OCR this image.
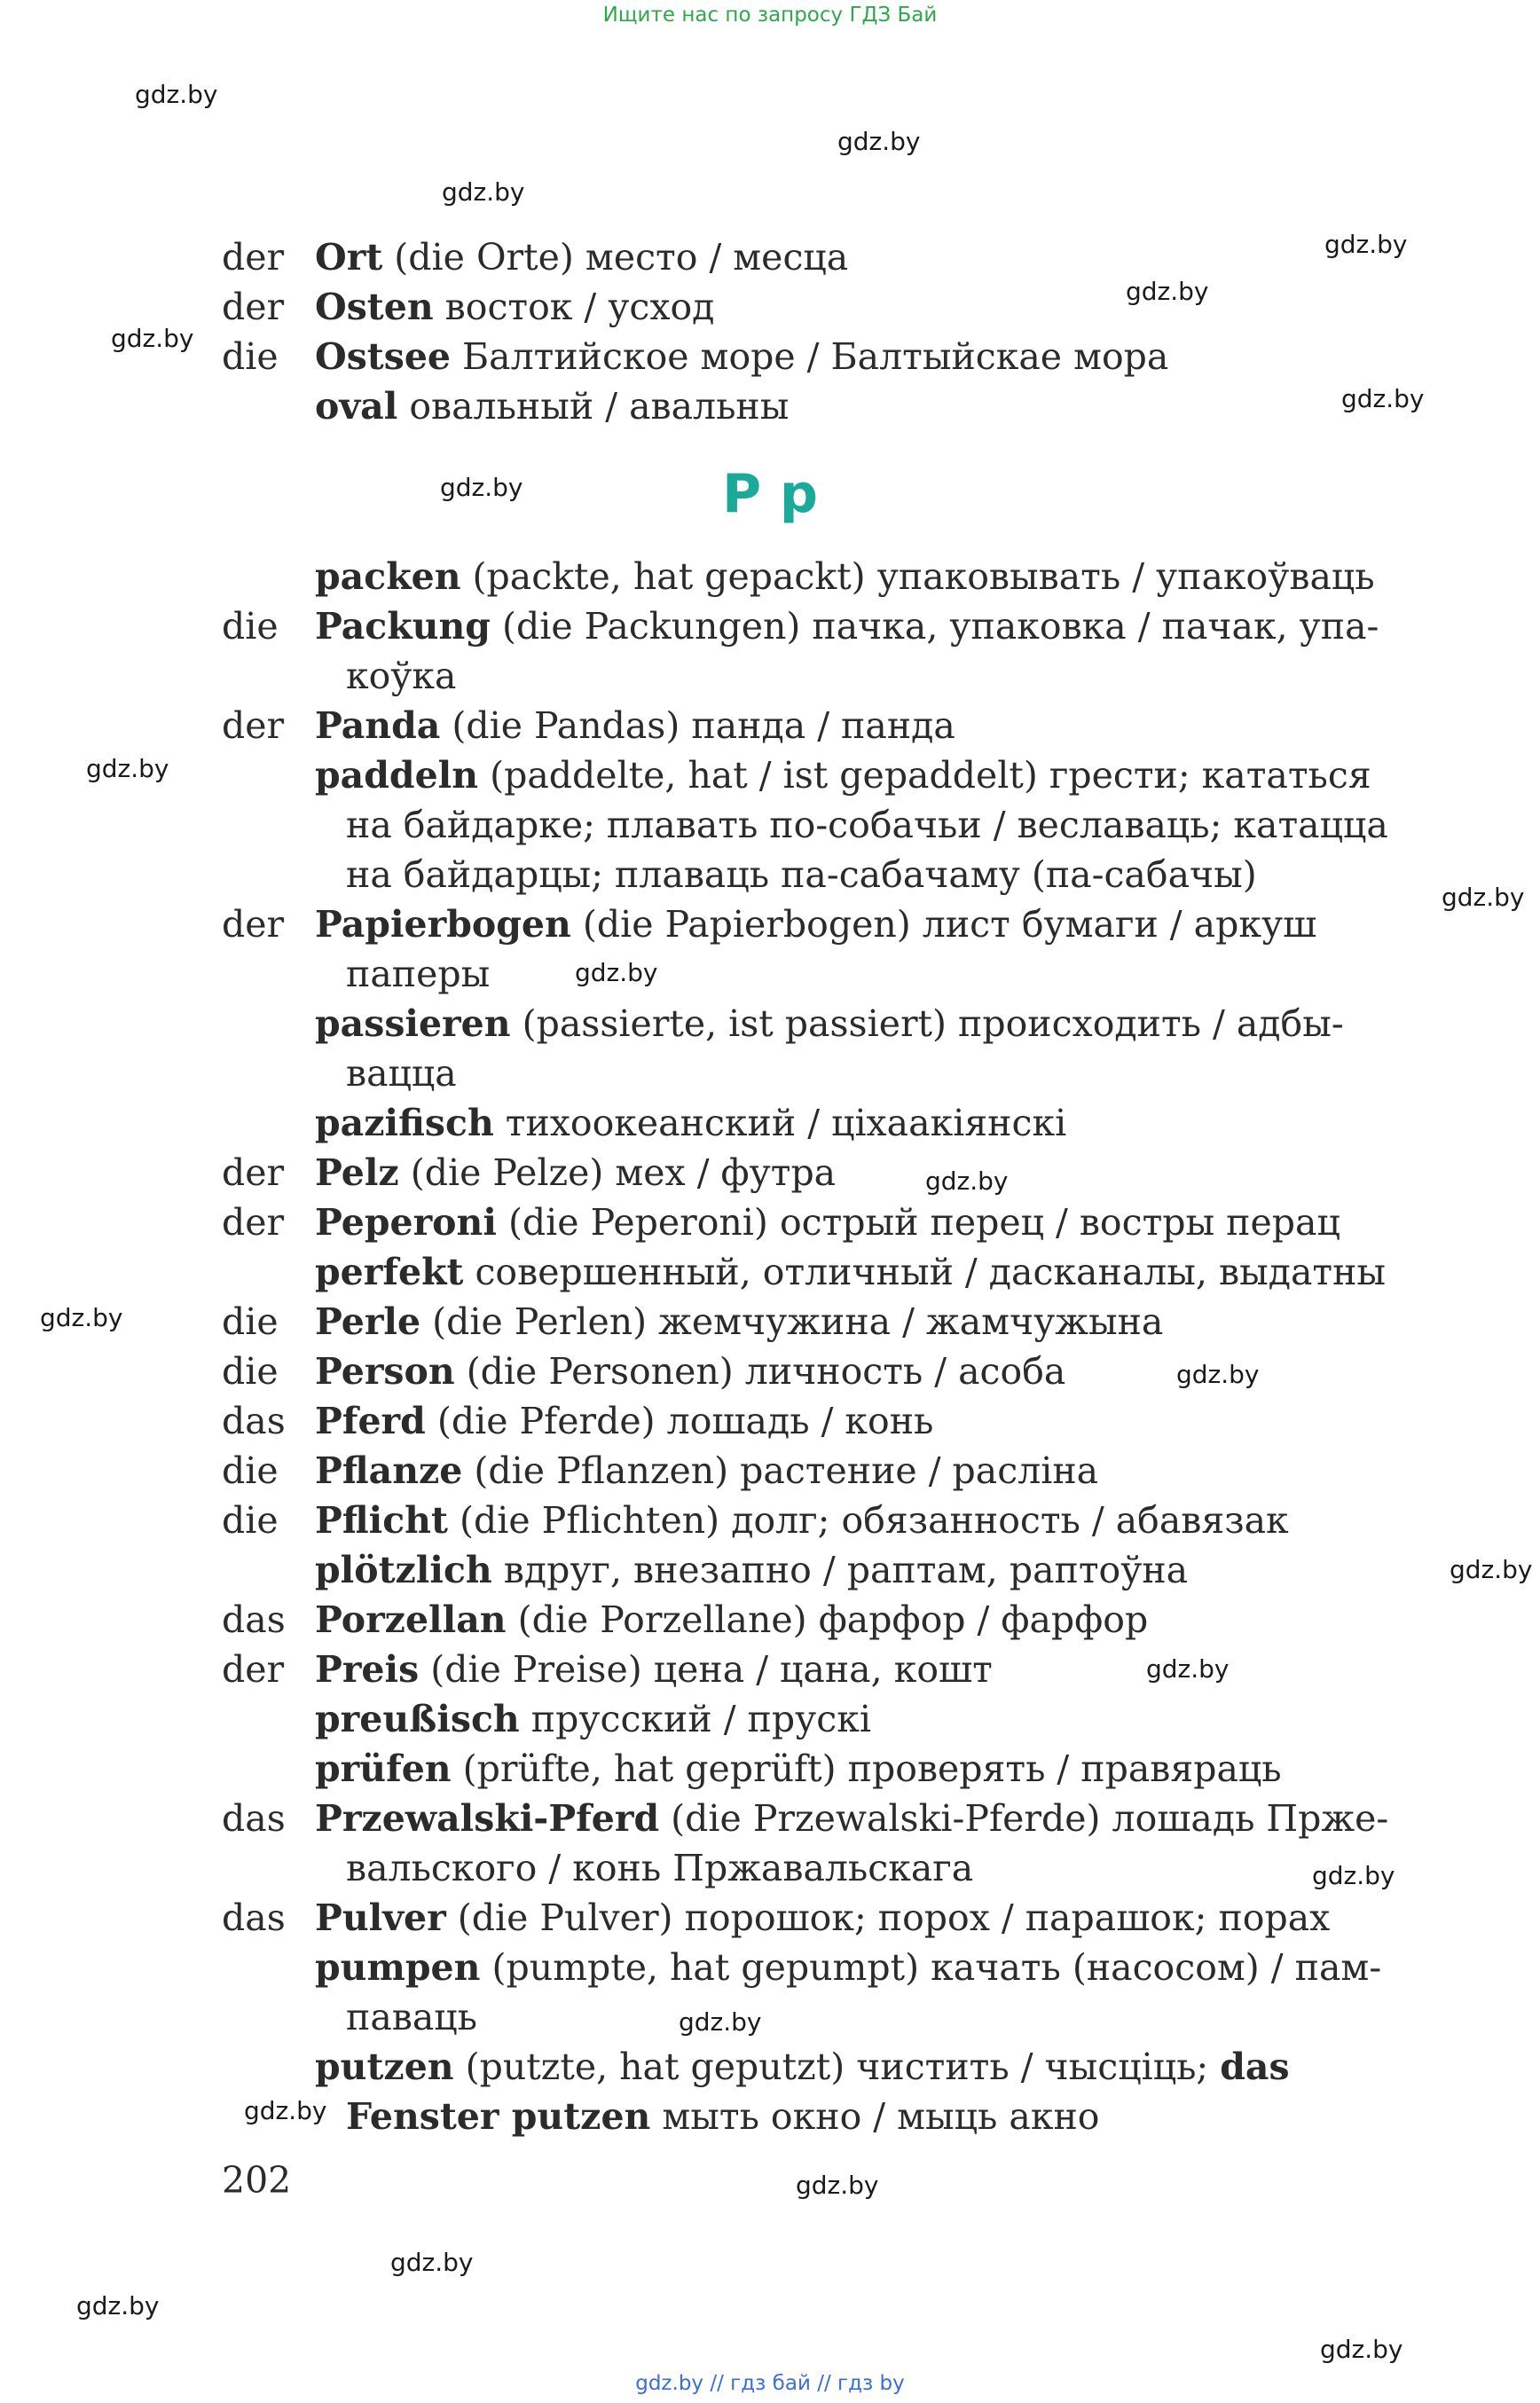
Ищите нас по запросу ГДЗ Бай
gdz.by
gdz.by
gdz.by
gdz.by
gdz.by
gdz.by
gdz.by
gdz.by
gdz.by
gdz.by
gdz.by
gdz.by
gdz.by
gdz.by
gdz.by
gdz.by
gdz.by
gdz.by
gdz.by
gdz.by
gdz.by
gdz.by
gdz.by
der Ort (die Orte) место / месца
der Osten восток / усход
die Ostsee Балтийское море / Балтыйскае мора
oval овальный / авальны
packen (packte, hat gepackt) упаковывать / упакоўваць
die Packung (die Packungen) пачка, упаковка / пачак, упа-
коўка
der Panda (die Pandas) панда / панда
paddeln (paddelte, hat / ist gepaddelt) грести; кататься
на байдарке; плавать по-собачьи / веславаць; катацца
на байдарцы; плаваць па-сабачаму (па-сабачы)
der Papierbogen (die Papierbogen) лист бумаги / аркуш
паперы
passieren (passierte, ist passiert) происходить / адбы-
вацца
pazifisch тихоокеанский / ціхаакіянскі
der Pelz (die Pelze) мех / футра
der Peperoni (die Peperoni) острый перец / востры перац
perfekt совершенный, отличный / дасканалы, выдатны
die Perle (die Perlen) жемчужина / жамчужына
die Person (die Personen) личность / асоба
das Pferd (die Pferde) лошадь / конь
die Pflanze (die Pflanzen) растение / расліна
die Pflicht (die Pflichten) долг; обязанность / абавязак
plötzlich вдруг, внезапно / раптам, раптоўна
das Porzellan (die Porzellane) фарфор / фарфор
der Preis (die Preise) цена / цана, кошт
preußisch прусский / прускі
prüfen (prüfte, hat geprüft) проверять / правяраць
das Przewalski-Pferd (die Przewalski-Pferde) лошадь Прже-
вальского / конь Пржавальскага
das Pulver (die Pulver) порошок; порох / парашок; порах
pumpen (pumpte, hat gepumpt) качать (насосом) / пам-
паваць
putzen (putzte, hat geputzt) чистить / чысціць; das
Fenster putzen мыть окно / мыць акно
P p
202
gdz.by // гдз бай // гдз by
